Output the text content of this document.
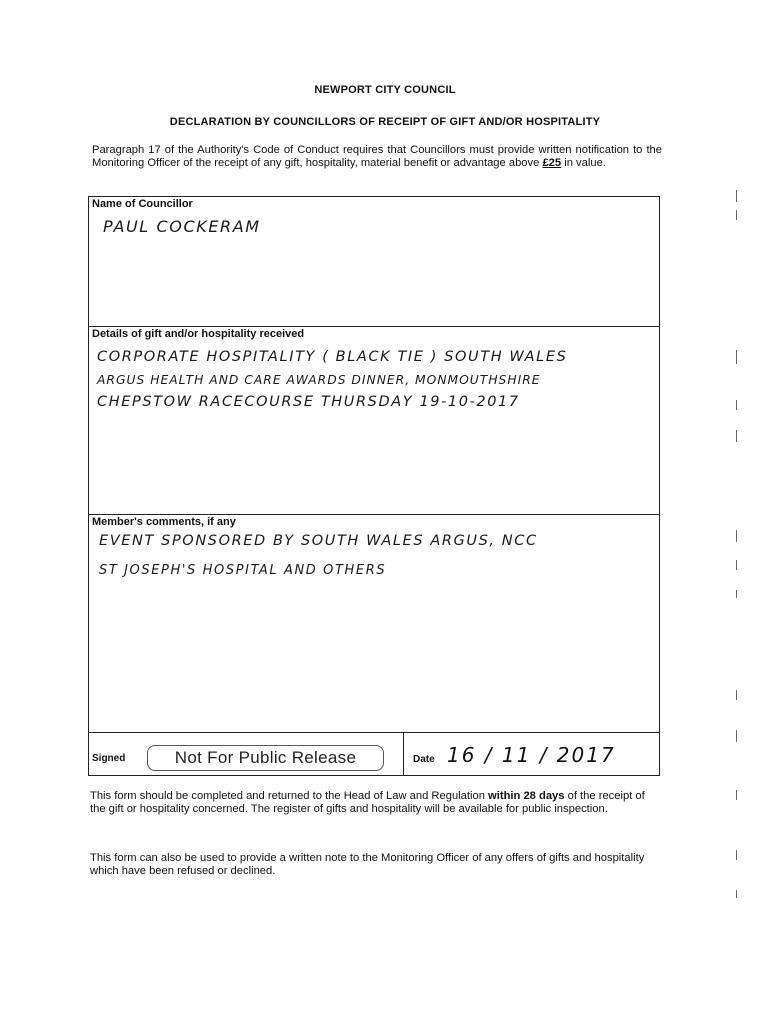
NEWPORT CITY COUNCIL
DECLARATION BY COUNCILLORS OF RECEIPT OF GIFT AND/OR HOSPITALITY
Paragraph 17 of the Authority's Code of Conduct requires that Councillors must provide written notification to the Monitoring Officer of the receipt of any gift, hospitality, material benefit or advantage above £25 in value.
Name of Councillor
PAUL COCKERAM
Details of gift and/or hospitality received
CORPORATE HOSPITALITY ( BLACK TIE ) SOUTH WALES
ARGUS HEALTH AND CARE AWARDS DINNER, MONMOUTHSHIRE
CHEPSTOW RACECOURSE THURSDAY 19-10-2017
Member's comments, if any
EVENT SPONSORED BY SOUTH WALES ARGUS, NCC
ST JOSEPH'S HOSPITAL AND OTHERS
Signed	Not For Public Release	Date 16 / 11 / 2017
This form should be completed and returned to the Head of Law and Regulation within 28 days of the receipt of the gift or hospitality concerned. The register of gifts and hospitality will be available for public inspection.
This form can also be used to provide a written note to the Monitoring Officer of any offers of gifts and hospitality which have been refused or declined.
